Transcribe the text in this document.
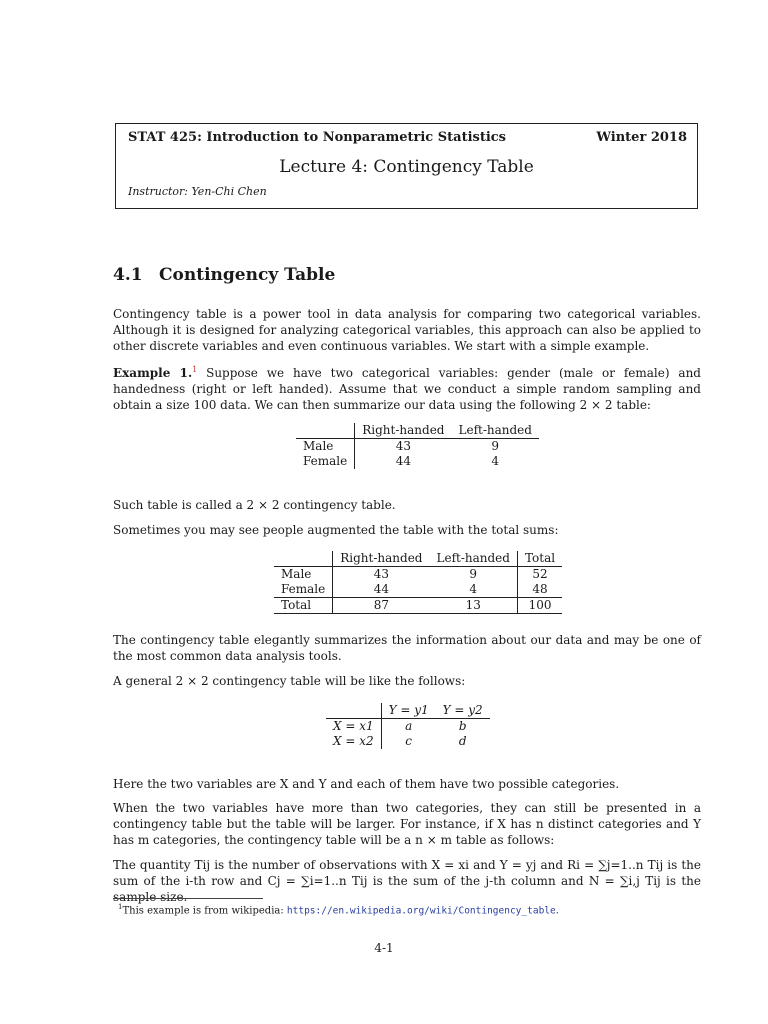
STAT 425: Introduction to Nonparametric Statistics	Winter 2018
Lecture 4: Contingency Table
Instructor: Yen-Chi Chen
4.1 Contingency Table

Contingency table is a power tool in data analysis for comparing two categorical variables. Although it is designed for analyzing categorical variables, this approach can also be applied to other discrete variables and even continuous variables. We start with a simple example.

Example 1.$^1$ Suppose we have two categorical variables: gender (male or female) and handedness (right or left handed). Assume that we conduct a simple random sampling and obtain a size 100 data. We can then summarize our data using the following 2 × 2 table:

	Right-handed	Left-handed
Male	43	9
Female	44	4

Such table is called a 2 × 2 contingency table.

Sometimes you may see people augmented the table with the total sums:

	Right-handed	Left-handed	Total
Male	43	9	52
Female	44	4	48
Total	87	13	100

The contingency table elegantly summarizes the information about our data and may be one of the most common data analysis tools.

A general 2 × 2 contingency table will be like the follows:

	Y = y1	Y = y2
X = x1	a	b
X = x2	c	d

Here the two variables are X and Y and each of them have two possible categories.

When the two variables have more than two categories, they can still be presented in a contingency table but the table will be larger. For instance, if X has n distinct categories and Y has m categories, the contingency table will be a n × m table as follows:

The quantity Tij is the number of observations with X = xi and Y = yj and Ri = ∑j=1..n Tij is the sum of the i-th row and Cj = ∑i=1..n Tij is the sum of the j-th column and N = ∑i,j Tij is the sample size.

$^1$This example is from wikipedia: https://en.wikipedia.org/wiki/Contingency_table.
4-1
